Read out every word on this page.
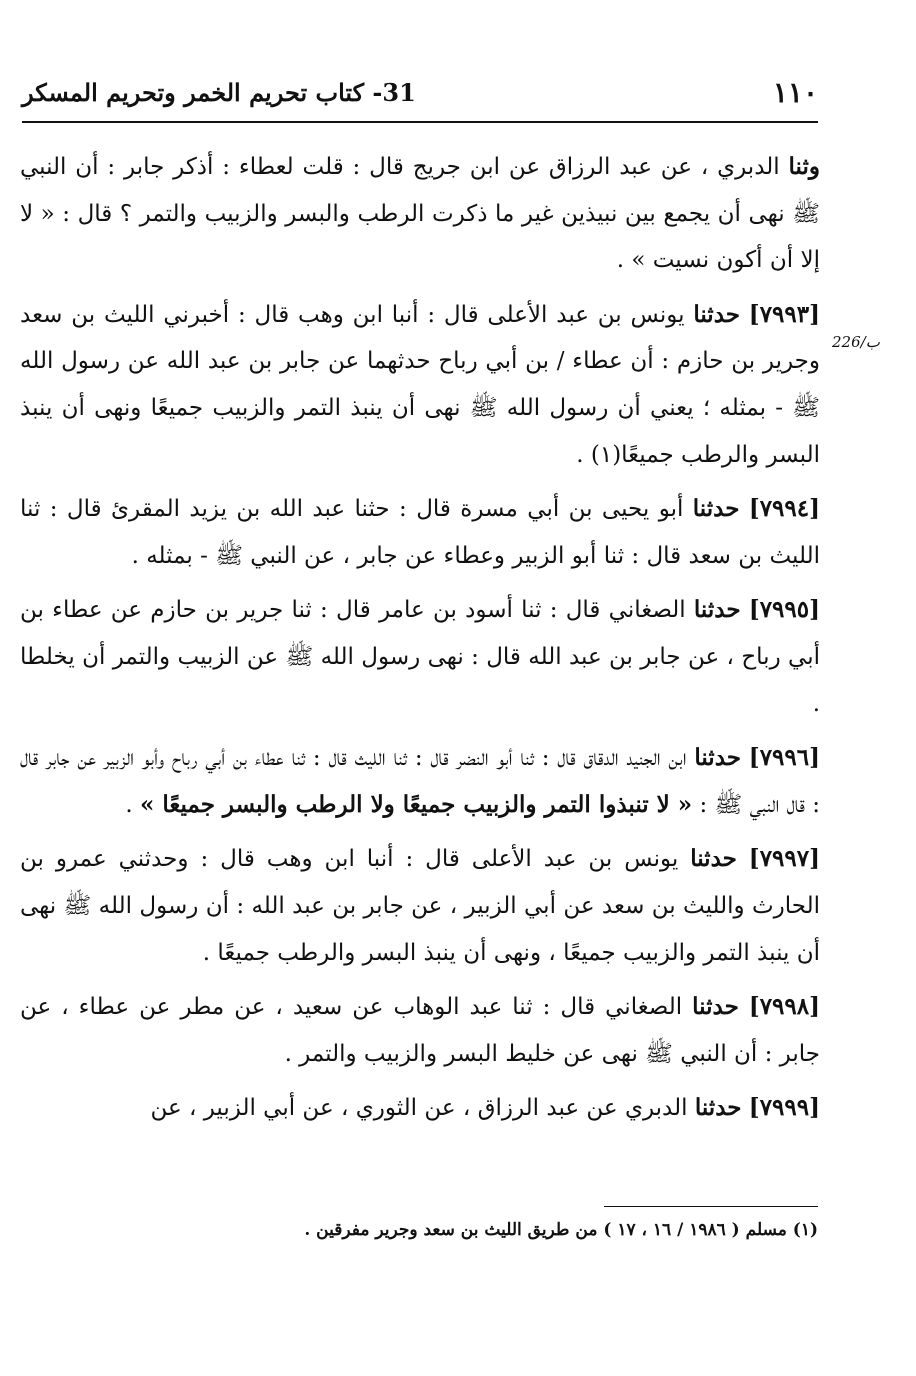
١١٠
31- كتاب تحريم الخمر وتحريم المسكر
226/ب

وثنا الدبري ، عن عبد الرزاق عن ابن جريج قال : قلت لعطاء : أذكر جابر : أن النبي ﷺ نهى أن يجمع بين نبيذين غير ما ذكرت الرطب والبسر والزبيب والتمر ؟ قال : « لا إلا أن أكون نسيت » .

[٧٩٩٣] حدثنا يونس بن عبد الأعلى قال : أنبا ابن وهب قال : أخبرني الليث بن سعد وجرير بن حازم : أن عطاء / بن أبي رباح حدثهما عن جابر بن عبد الله عن رسول الله ﷺ - بمثله ؛ يعني أن رسول الله ﷺ نهى أن ينبذ التمر والزبيب جميعًا ونهى أن ينبذ البسر والرطب جميعًا(١) .

[٧٩٩٤] حدثنا أبو يحيى بن أبي مسرة قال : حثنا عبد الله بن يزيد المقرئ قال : ثنا الليث بن سعد قال : ثنا أبو الزبير وعطاء عن جابر ، عن النبي ﷺ - بمثله .

[٧٩٩٥] حدثنا الصغاني قال : ثنا أسود بن عامر قال : ثنا جرير بن حازم عن عطاء بن أبي رباح ، عن جابر بن عبد الله قال : نهى رسول الله ﷺ عن الزبيب والتمر أن يخلطا .

[٧٩٩٦] حدثنا ابن الجنيد الدقاق قال : ثنا أبو النضر قال : ثنا الليث قال : ثنا عطاء بن أبي رباح وأبو الزبير عن جابر قال : قال النبي ﷺ : « لا تنبذوا التمر والزبيب جميعًا ولا الرطب والبسر جميعًا » .

[٧٩٩٧] حدثنا يونس بن عبد الأعلى قال : أنبا ابن وهب قال : وحدثني عمرو بن الحارث والليث بن سعد عن أبي الزبير ، عن جابر بن عبد الله : أن رسول الله ﷺ نهى أن ينبذ التمر والزبيب جميعًا ، ونهى أن ينبذ البسر والرطب جميعًا .

[٧٩٩٨] حدثنا الصغاني قال : ثنا عبد الوهاب عن سعيد ، عن مطر عن عطاء ، عن جابر : أن النبي ﷺ نهى عن خليط البسر والزبيب والتمر .

[٧٩٩٩] حدثنا الدبري عن عبد الرزاق ، عن الثوري ، عن أبي الزبير ، عن

(١) مسلم ( ١٩٨٦ / ١٦ ، ١٧ ) من طريق الليث بن سعد وجرير مفرقين .
